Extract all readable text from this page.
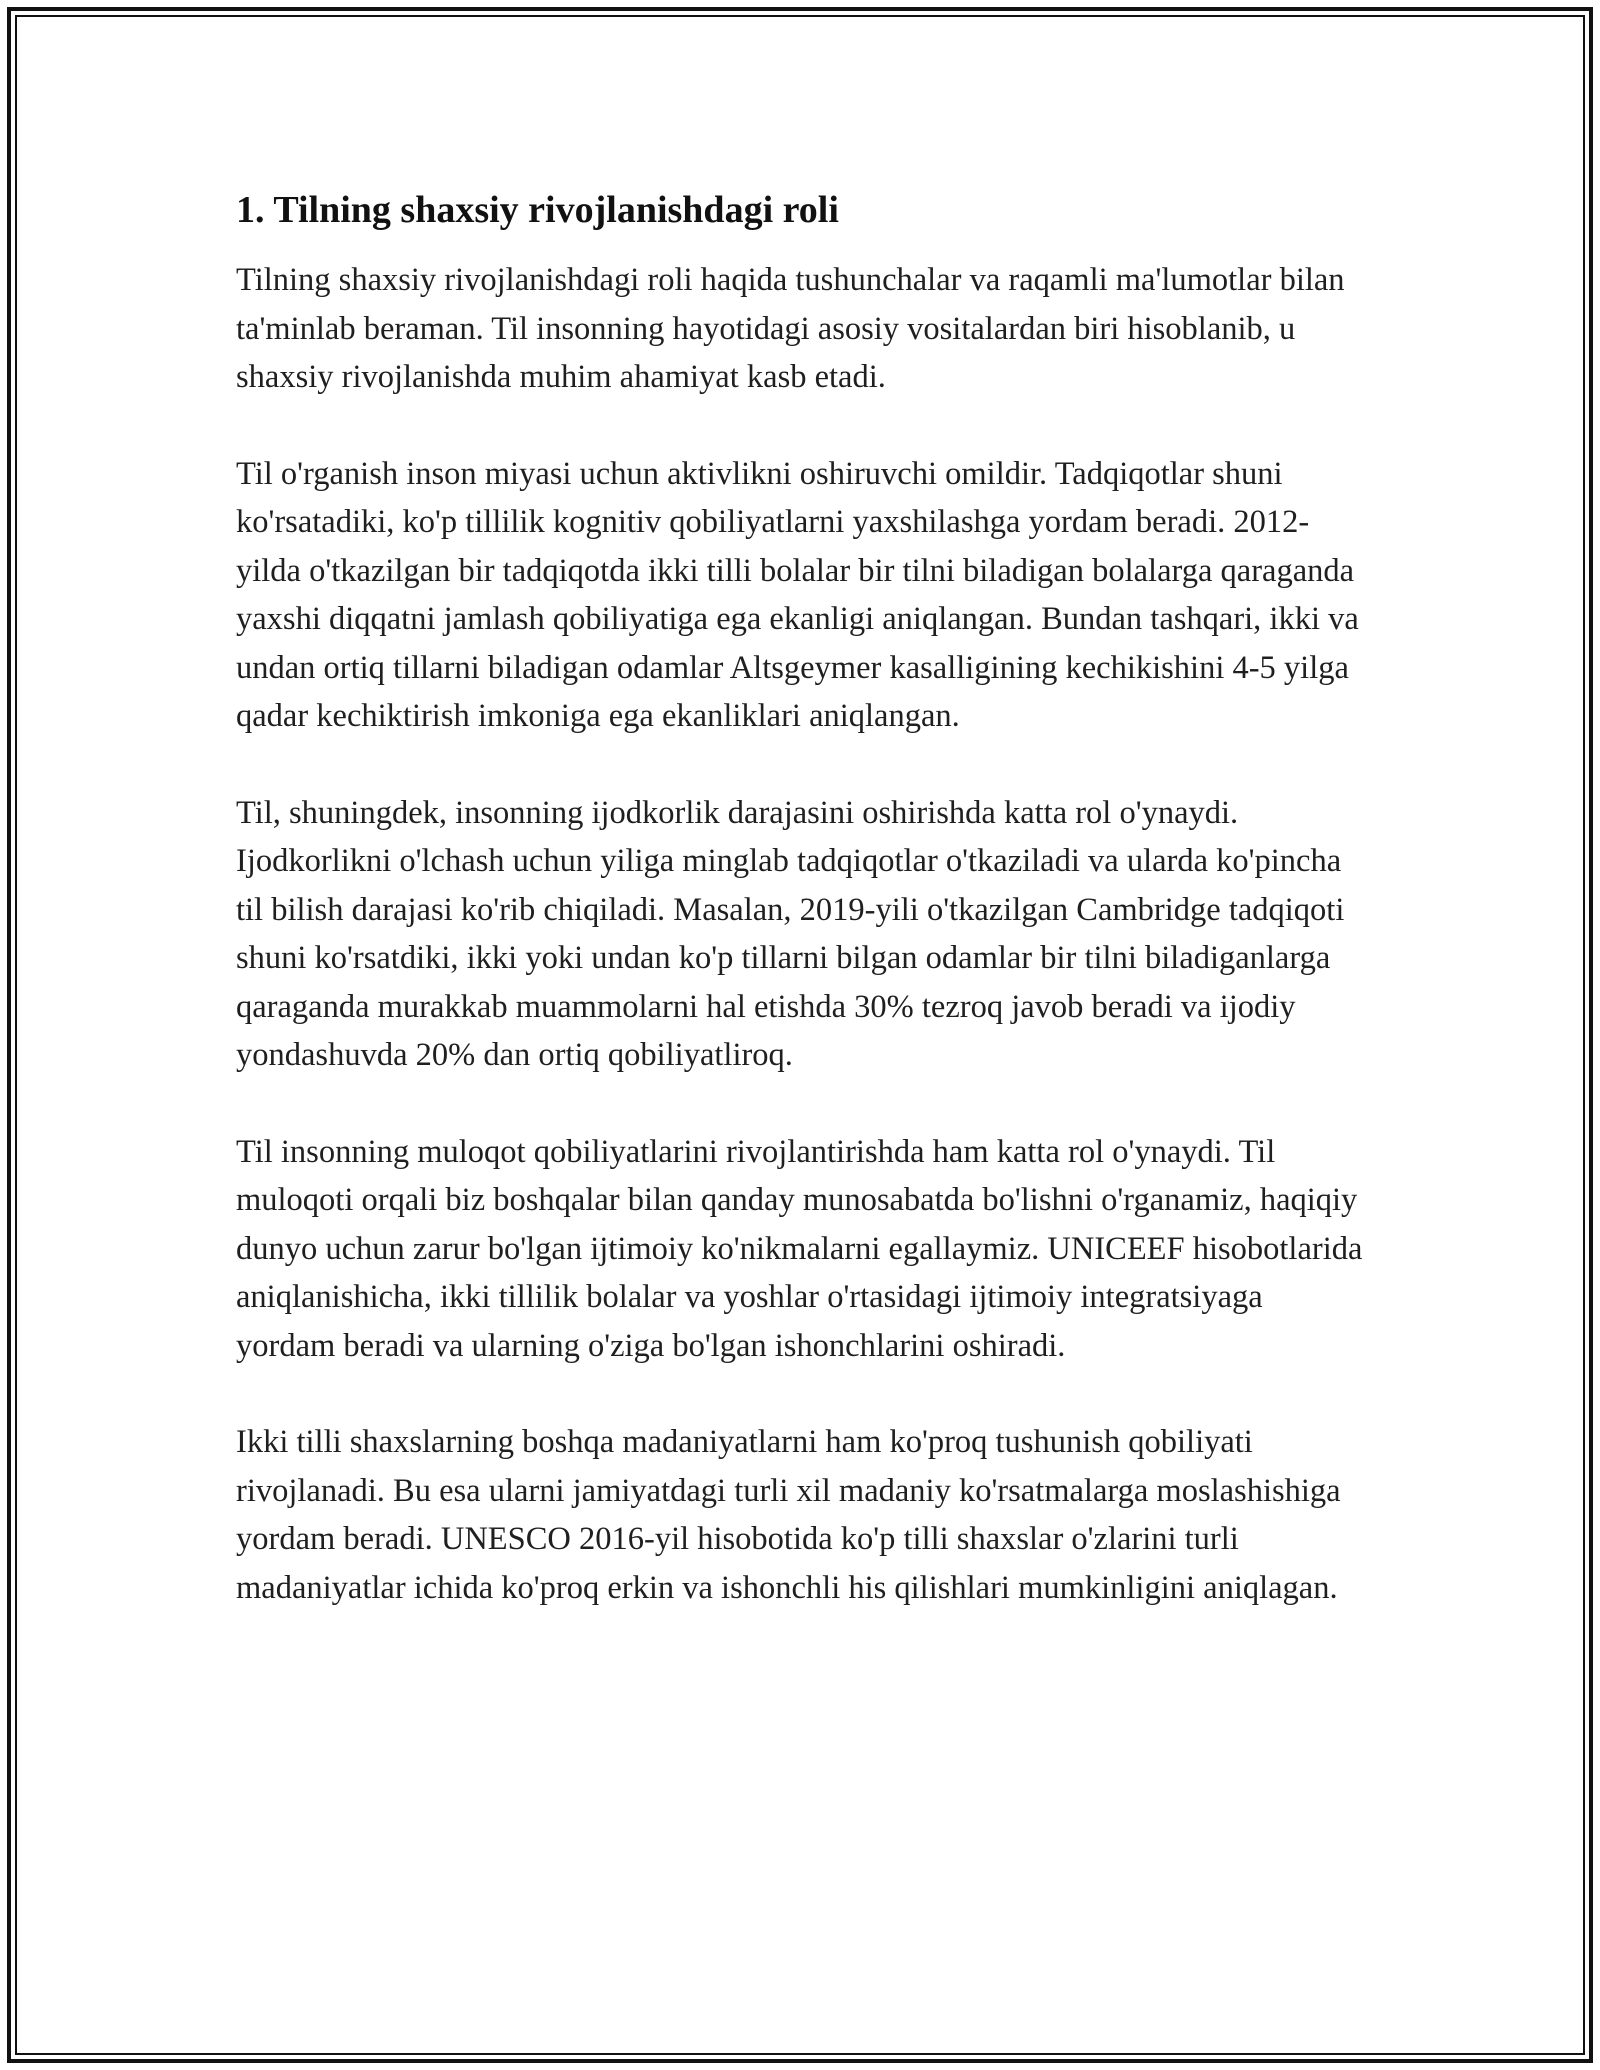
1. Tilning shaxsiy rivojlanishdagi roli

Tilning shaxsiy rivojlanishdagi roli haqida tushunchalar va raqamli ma'lumotlar bilan ta'minlab beraman. Til insonning hayotidagi asosiy vositalardan biri hisoblanib, u shaxsiy rivojlanishda muhim ahamiyat kasb etadi.

Til o'rganish inson miyasi uchun aktivlikni oshiruvchi omildir. Tadqiqotlar shuni ko'rsatadiki, ko'p tillilik kognitiv qobiliyatlarni yaxshilashga yordam beradi. 2012-yilda o'tkazilgan bir tadqiqotda ikki tilli bolalar bir tilni biladigan bolalarga qaraganda yaxshi diqqatni jamlash qobiliyatiga ega ekanligi aniqlangan. Bundan tashqari, ikki va undan ortiq tillarni biladigan odamlar Altsgeymer kasalligining kechikishini 4-5 yilga qadar kechiktirish imkoniga ega ekanliklari aniqlangan.

Til, shuningdek, insonning ijodkorlik darajasini oshirishda katta rol o'ynaydi. Ijodkorlikni o'lchash uchun yiliga minglab tadqiqotlar o'tkaziladi va ularda ko'pincha til bilish darajasi ko'rib chiqiladi. Masalan, 2019-yili o'tkazilgan Cambridge tadqiqoti shuni ko'rsatdiki, ikki yoki undan ko'p tillarni bilgan odamlar bir tilni biladiganlarga qaraganda murakkab muammolarni hal etishda 30% tezroq javob beradi va ijodiy yondashuvda 20% dan ortiq qobiliyatliroq.

Til insonning muloqot qobiliyatlarini rivojlantirishda ham katta rol o'ynaydi. Til muloqoti orqali biz boshqalar bilan qanday munosabatda bo'lishni o'rganamiz, haqiqiy dunyo uchun zarur bo'lgan ijtimoiy ko'nikmalarni egallaymiz. UNICEEF hisobotlarida aniqlanishicha, ikki tillilik bolalar va yoshlar o'rtasidagi ijtimoiy integratsiyaga yordam beradi va ularning o'ziga bo'lgan ishonchlarini oshiradi.

Ikki tilli shaxslarning boshqa madaniyatlarni ham ko'proq tushunish qobiliyati rivojlanadi. Bu esa ularni jamiyatdagi turli xil madaniy ko'rsatmalarga moslashishiga yordam beradi. UNESCO 2016-yil hisobotida ko'p tilli shaxslar o'zlarini turli madaniyatlar ichida ko'proq erkin va ishonchli his qilishlari mumkinligini aniqlagan.
